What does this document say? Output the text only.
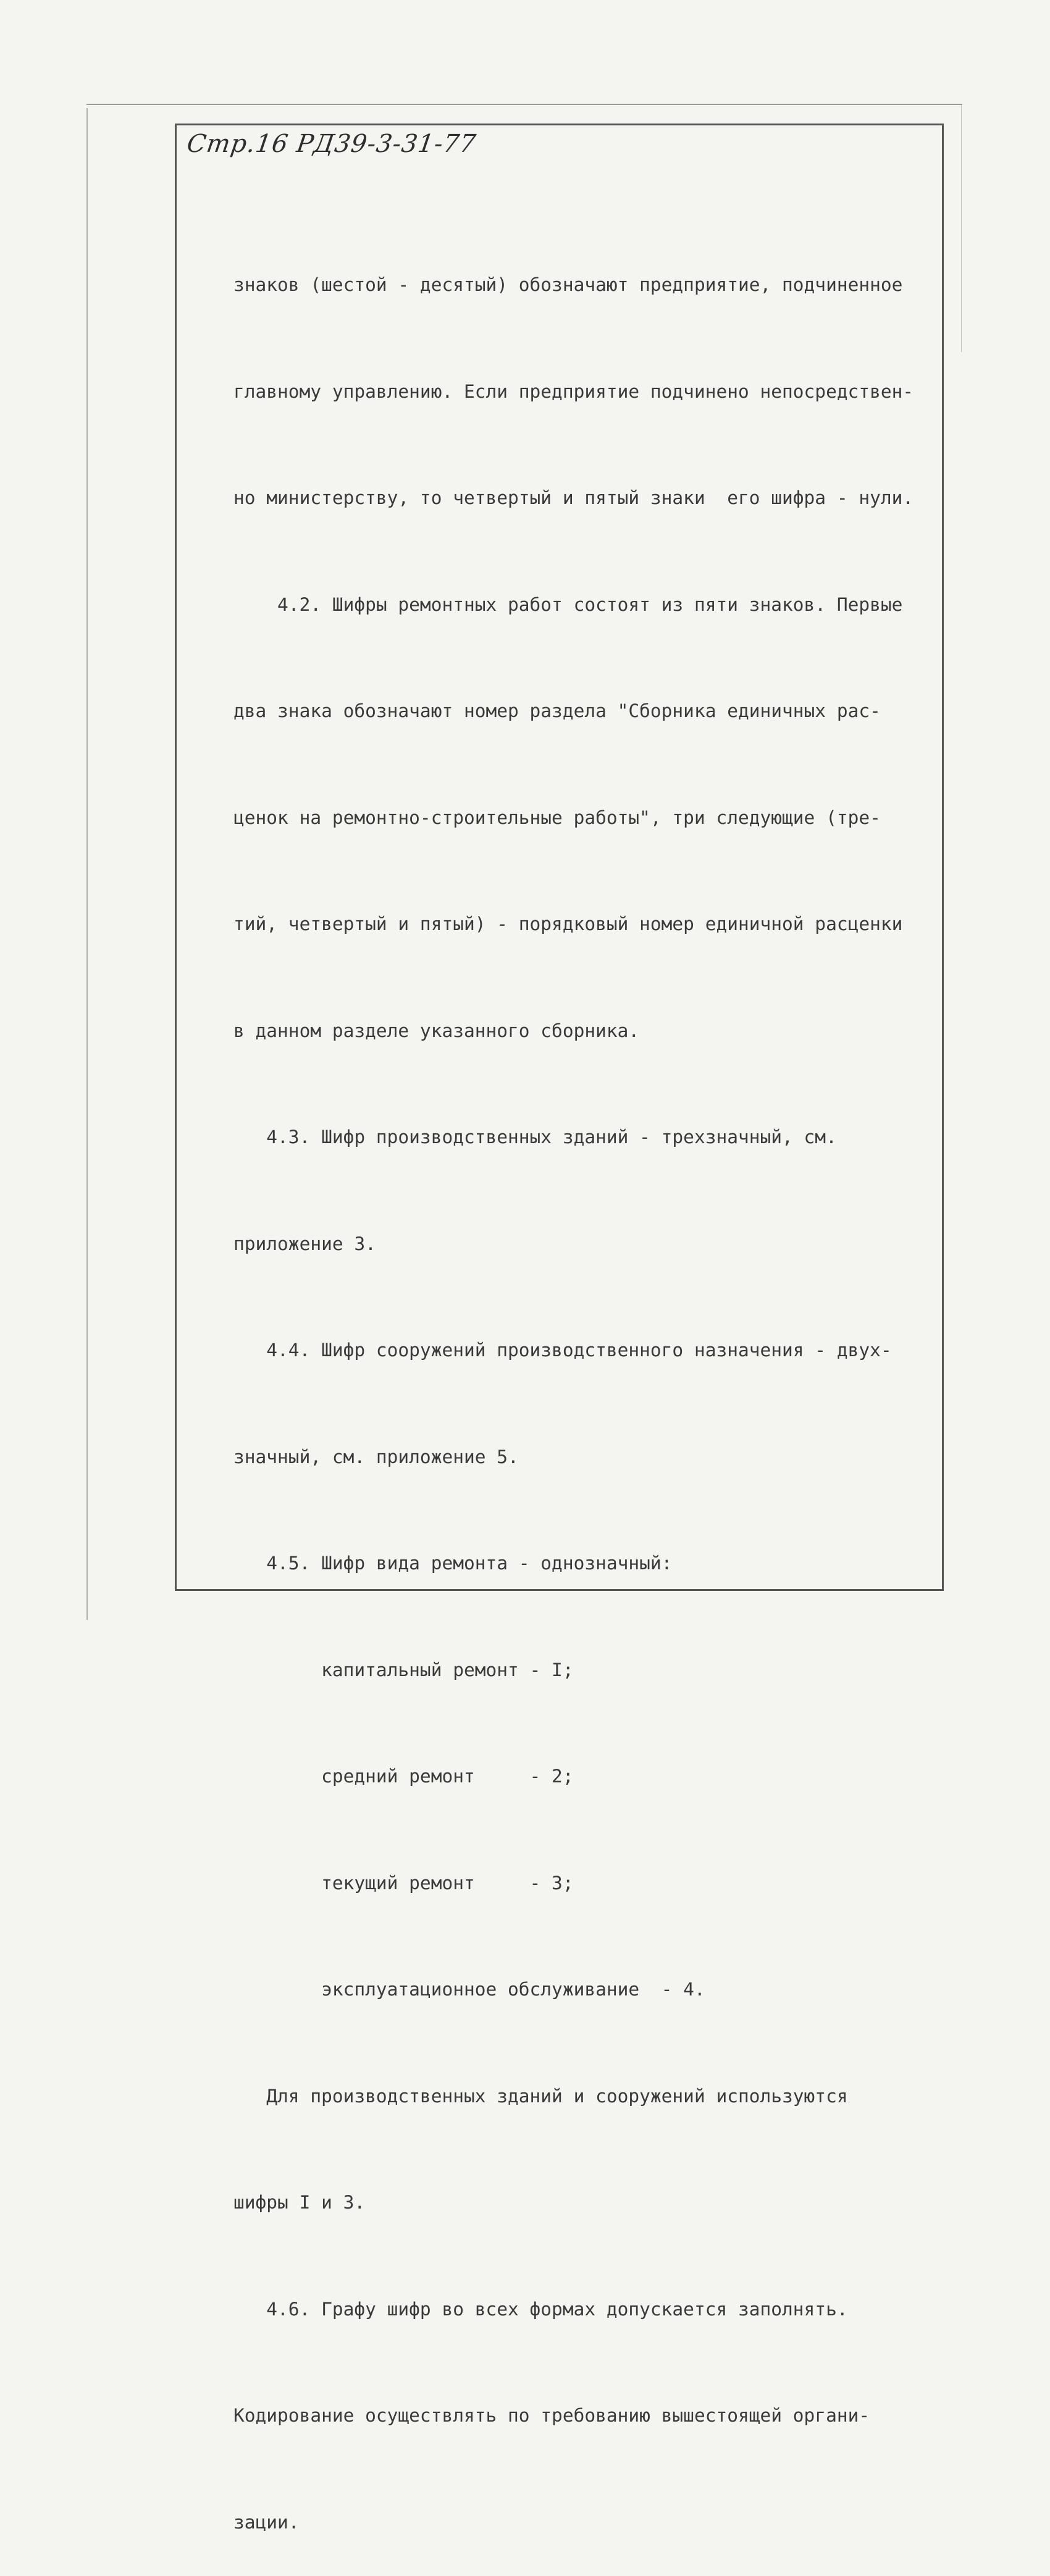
Стр.16 РД39-3-31-77

знаков (шестой - десятый) обозначают предприятие, подчиненное

главному управлению. Если предприятие подчинено непосредствен-

но министерству, то четвертый и пятый знаки  его шифра - нули.

4.2. Шифры ремонтных работ состоят из пяти знаков. Первые

два знака обозначают номер раздела "Сборника единичных рас-

ценок на ремонтно-строительные работы", три следующие (тре-

тий, четвертый и пятый) - порядковый номер единичной расценки

в данном разделе указанного сборника.

4.3. Шифр производственных зданий - трехзначный, см.

приложение 3.

4.4. Шифр сооружений производственного назначения - двух-

значный, см. приложение 5.

4.5. Шифр вида ремонта - однозначный:

капитальный ремонт - I;

средний ремонт     - 2;

текущий ремонт     - 3;

эксплуатационное обслуживание  - 4.

Для производственных зданий и сооружений используются

шифры I и 3.

4.6. Графу шифр во всех формах допускается заполнять.

Кодирование осуществлять по требованию вышестоящей органи-

зации.
